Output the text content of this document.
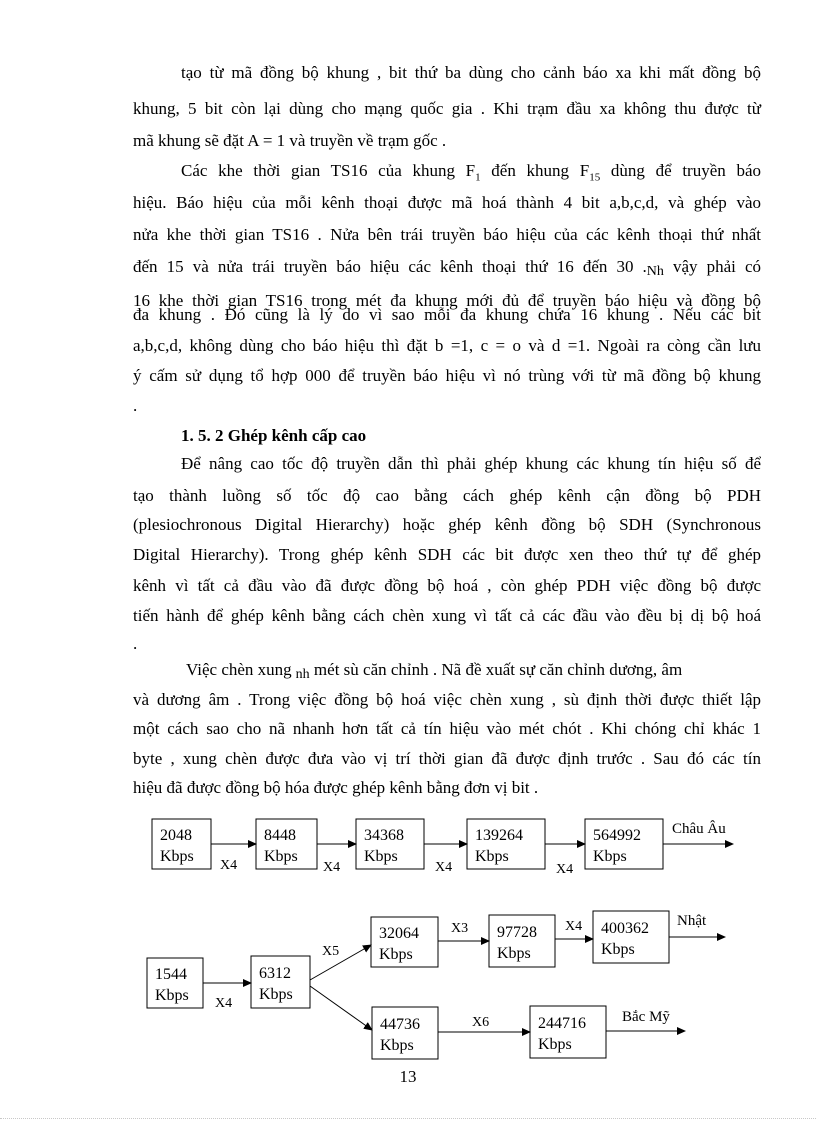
tạo từ mã đồng bộ khung , bit thứ ba dùng cho cảnh báo xa khi mất đồng bộ
khung, 5 bit còn lại dùng cho mạng quốc gia . Khi trạm đầu xa không thu được từ
mã khung sẽ đặt A = 1 và truyền về trạm gốc .
Các khe thời gian TS16 của khung $F_1$ đến khung $F_{15}$ dùng để truyền báo
hiệu. Báo hiệu của mỗi kênh thoại được mã hoá thành 4 bit a,b,c,d, và ghép vào
nửa khe thời gian TS16 . Nửa bên trái truyền báo hiệu của các kênh thoại thứ nhất
đến 15 và nửa trái truyền báo hiệu các kênh thoại thứ 16 đến 30 .Nh vậy phải có
16 khe thời gian TS16 trong mét đa khung mới đủ để truyền báo hiệu và đồng bộ
đa khung . Đó cũng là lý do vì sao mỗi đa khung chứa 16 khung . Nếu các bit
a,b,c,d, không dùng cho báo hiệu thì đặt b =1, c = o và d =1. Ngoài ra còng cần lưu
ý cấm sử dụng tổ hợp 000 để truyền báo hiệu vì nó trùng với từ mã đồng bộ khung
.
1. 5. 2 Ghép kênh cấp cao
Để nâng cao tốc độ truyền dẫn thì phải ghép khung các khung tín hiệu số để
tạo thành luồng số tốc độ cao bằng cách ghép kênh cận đồng bộ PDH
(plesiochronous Digital Hierarchy) hoặc ghép kênh đồng bộ SDH (Synchronous
Digital Hierarchy). Trong ghép kênh SDH các bit được xen theo thứ tự để ghép
kênh vì tất cả đầu vào đã được đồng bộ hoá , còn ghép PDH việc đồng bộ được
tiến hành để ghép kênh bằng cách chèn xung vì tất cả các đầu vào đều bị dị bộ hoá
.
Việc chèn xung nh mét sù căn chỉnh . Nã đề xuất sự căn chỉnh dương, âm
và dương âm . Trong việc đồng bộ hoá việc chèn xung , sù định thời được thiết lập
một cách sao cho nã nhanh hơn tất cả tín hiệu vào mét chót . Khi chóng chỉ khác 1
byte , xung chèn được đưa vào vị trí thời gian đã được định trước . Sau đó các tín
hiệu đã được đồng bộ hóa được ghép kênh bằng đơn vị bit .
2048
Kbps
8448
Kbps
34368
Kbps
139264
Kbps
564992
Kbps
X4	X4	X4	X4
Châu Âu
1544
Kbps
6312
Kbps
32064
Kbps
97728
Kbps
400362
Kbps
44736
Kbps
244716
Kbps
X4
X5
X3	X4
X6
Nhật
Bắc Mỹ
13
